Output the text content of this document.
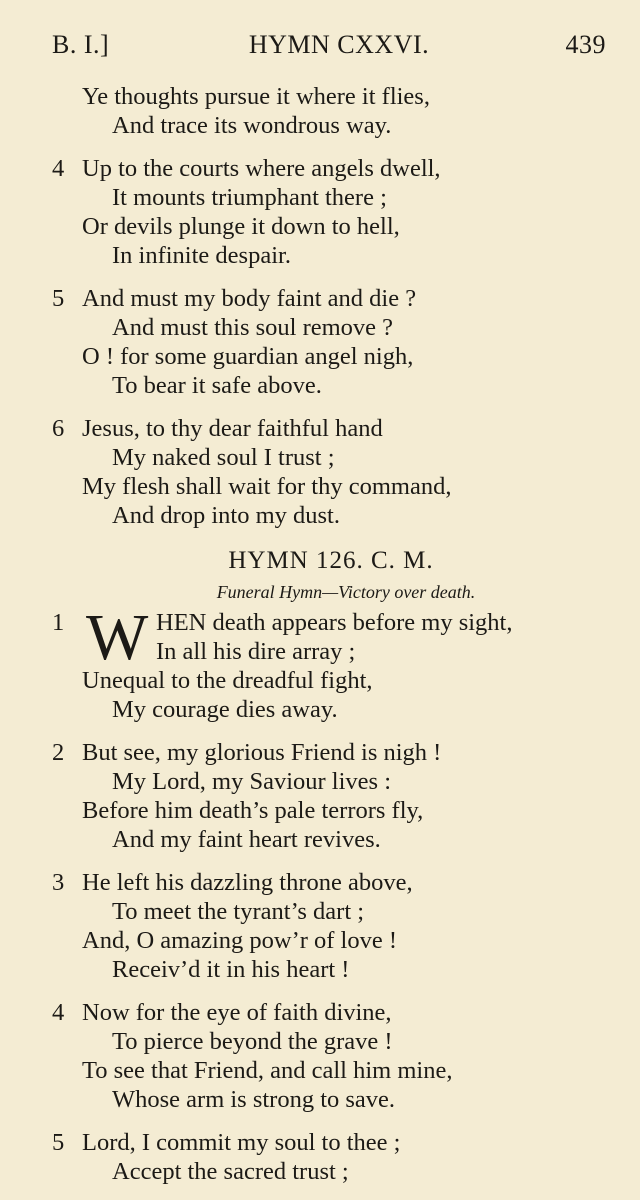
B. I.]	HYMN CXXVI.	439
Ye thoughts pursue it where it flies,
And trace its wondrous way.
4 Up to the courts where angels dwell,
It mounts triumphant there ;
Or devils plunge it down to hell,
In infinite despair.
5 And must my body faint and die ?
And must this soul remove ?
O ! for some guardian angel nigh,
To bear it safe above.
6 Jesus, to thy dear faithful hand
My naked soul I trust ;
My flesh shall wait for thy command,
And drop into my dust.
HYMN 126. C. M.
Funeral Hymn—Victory over death.
1 W HEN death appears before my sight,
In all his dire array ;
Unequal to the dreadful fight,
My courage dies away.
2 But see, my glorious Friend is nigh !
My Lord, my Saviour lives :
Before him death’s pale terrors fly,
And my faint heart revives.
3 He left his dazzling throne above,
To meet the tyrant’s dart ;
And, O amazing pow’r of love !
Receiv’d it in his heart !
4 Now for the eye of faith divine,
To pierce beyond the grave !
To see that Friend, and call him mine,
Whose arm is strong to save.
5 Lord, I commit my soul to thee ;
Accept the sacred trust ;
